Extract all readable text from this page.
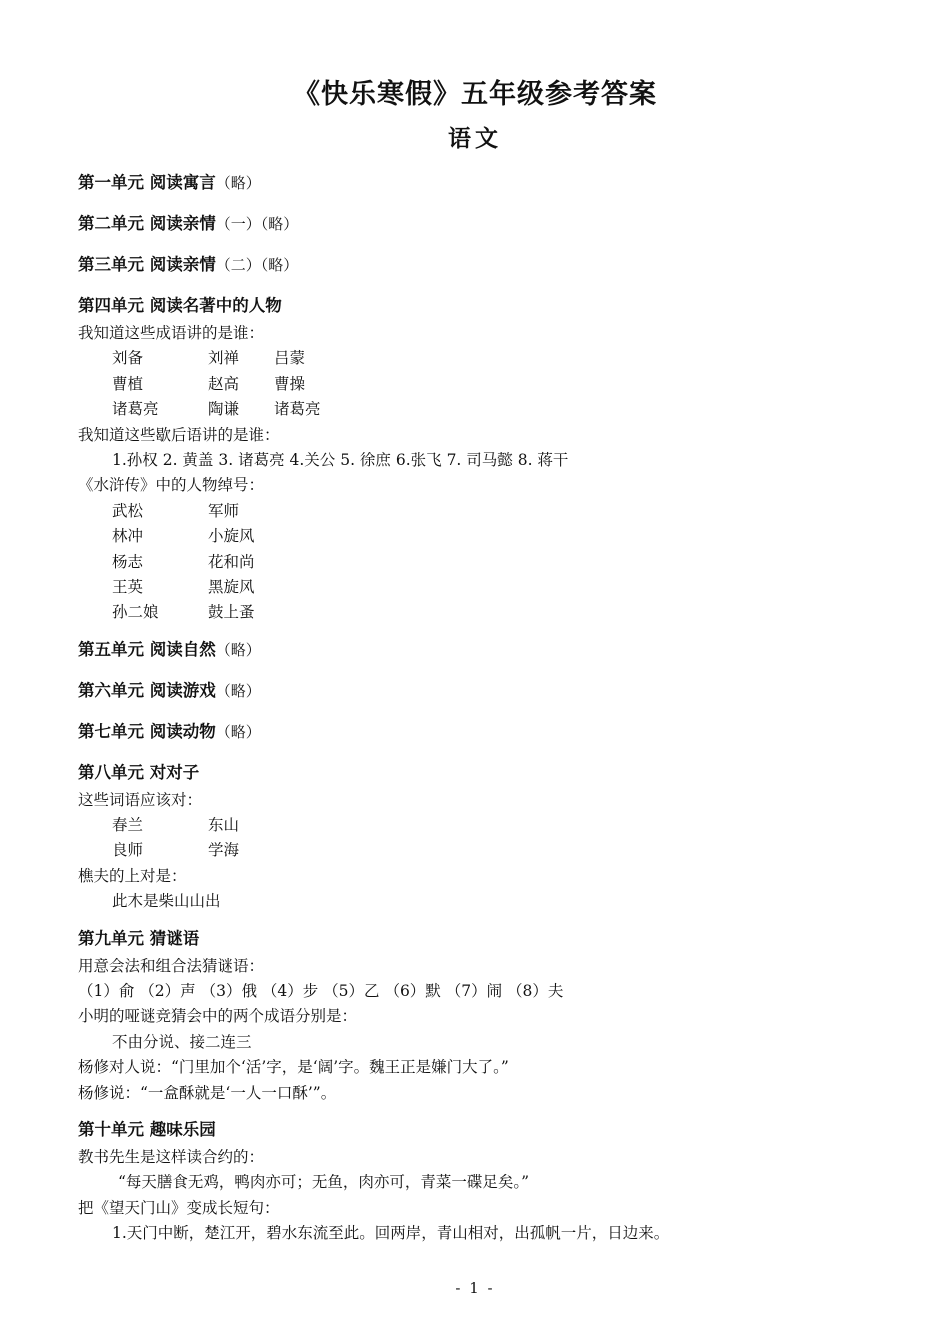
《快乐寒假》五年级参考答案
语文
第一单元 阅读寓言（略）
第二单元 阅读亲情（一）（略）
第三单元 阅读亲情（二）（略）
第四单元 阅读名著中的人物
我知道这些成语讲的是谁：
刘备	刘禅	吕蒙
曹植	赵高	曹操
诸葛亮	陶谦	诸葛亮
我知道这些歇后语讲的是谁：
1.孙权 2. 黄盖 3. 诸葛亮 4.关公 5. 徐庶 6.张飞 7. 司马懿 8. 蒋干
《水浒传》中的人物绰号：
武松	军师
林冲	小旋风
杨志	花和尚
王英	黑旋风
孙二娘	鼓上蚤
第五单元 阅读自然（略）
第六单元 阅读游戏（略）
第七单元 阅读动物（略）
第八单元 对对子
这些词语应该对：
春兰	东山
良师	学海
樵夫的上对是：
此木是柴山山出
第九单元 猜谜语
用意会法和组合法猜谜语：
（1）俞 （2）声 （3）俄 （4）步 （5）乙 （6）默 （7）闹 （8）夫
小明的哑谜竞猜会中的两个成语分别是：
不由分说、接二连三
杨修对人说：“门里加个‘活’字，是‘阔’字。魏王正是嫌门大了。”
杨修说：“一盒酥就是‘一人一口酥’”。
第十单元 趣味乐园
教书先生是这样读合约的：
“每天膳食无鸡，鸭肉亦可；无鱼，肉亦可，青菜一碟足矣。”
把《望天门山》变成长短句：
1.天门中断，楚江开，碧水东流至此。回两岸，青山相对，出孤帆一片，日边来。
- 1 -
